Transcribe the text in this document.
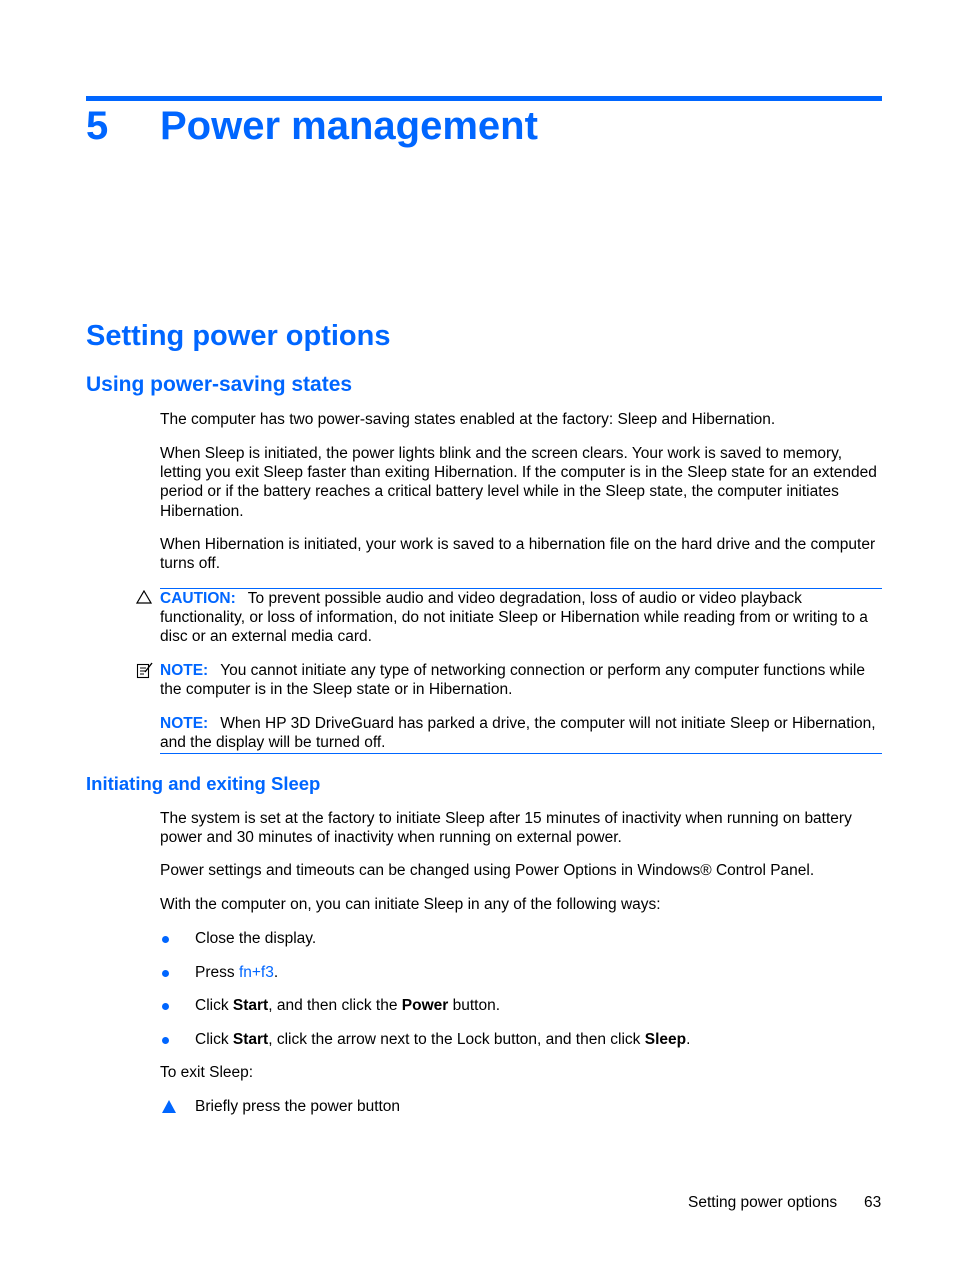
5 Power management
Setting power options
Using power-saving states
The computer has two power-saving states enabled at the factory: Sleep and Hibernation.
When Sleep is initiated, the power lights blink and the screen clears. Your work is saved to memory, letting you exit Sleep faster than exiting Hibernation. If the computer is in the Sleep state for an extended period or if the battery reaches a critical battery level while in the Sleep state, the computer initiates Hibernation.
When Hibernation is initiated, your work is saved to a hibernation file on the hard drive and the computer turns off.
CAUTION: To prevent possible audio and video degradation, loss of audio or video playback functionality, or loss of information, do not initiate Sleep or Hibernation while reading from or writing to a disc or an external media card.
NOTE: You cannot initiate any type of networking connection or perform any computer functions while the computer is in the Sleep state or in Hibernation.
NOTE: When HP 3D DriveGuard has parked a drive, the computer will not initiate Sleep or Hibernation, and the display will be turned off.
Initiating and exiting Sleep
The system is set at the factory to initiate Sleep after 15 minutes of inactivity when running on battery power and 30 minutes of inactivity when running on external power.
Power settings and timeouts can be changed using Power Options in Windows® Control Panel.
With the computer on, you can initiate Sleep in any of the following ways:
Close the display.
Press fn+f3.
Click Start, and then click the Power button.
Click Start, click the arrow next to the Lock button, and then click Sleep.
To exit Sleep:
Briefly press the power button
Setting power options 63
